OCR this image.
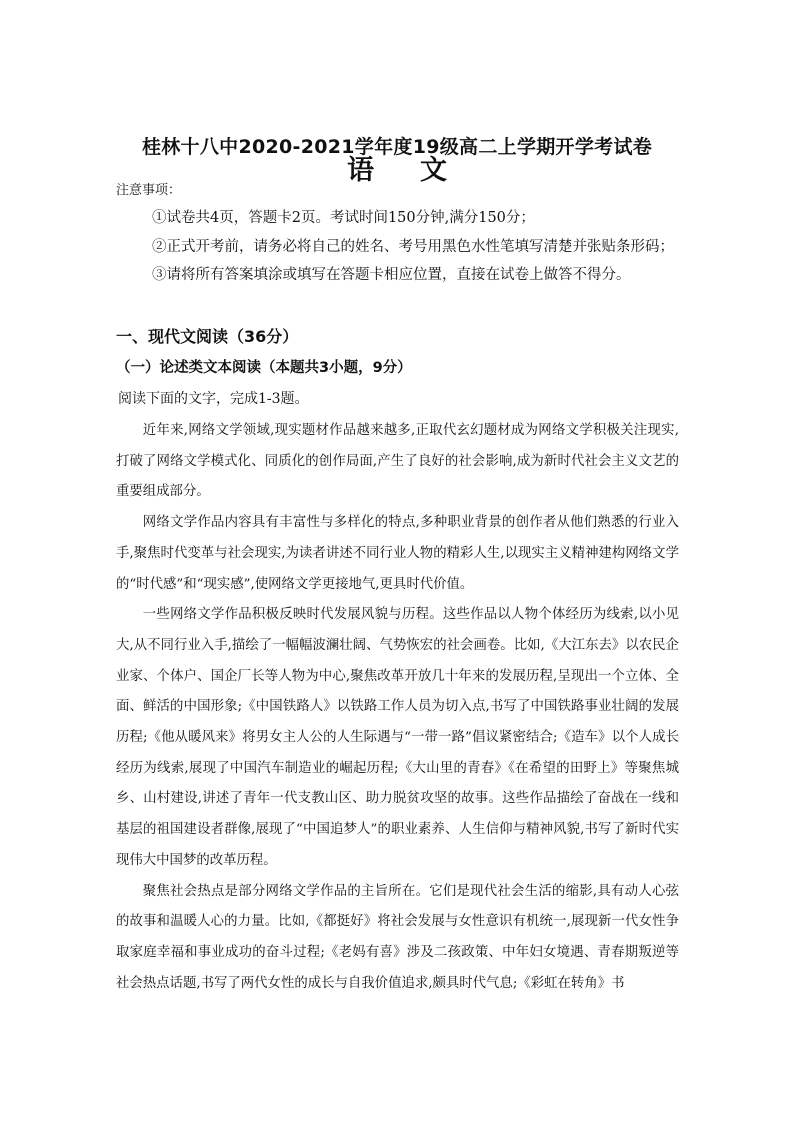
桂林十八中2020-2021学年度19级高二上学期开学考试卷
语文
注意事项：
①试卷共4页，答题卡2页。考试时间150分钟,满分150分；
②正式开考前，请务必将自己的姓名、考号用黑色水性笔填写清楚并张贴条形码；
③请将所有答案填涂或填写在答题卡相应位置，直接在试卷上做答不得分。
一、现代文阅读（36分）
（一）论述类文本阅读（本题共3小题，9分）
阅读下面的文字，完成1-3题。

近年来,网络文学领域,现实题材作品越来越多,正取代玄幻题材成为网络文学积极关注现实,打破了网络文学模式化、同质化的创作局面,产生了良好的社会影响,成为新时代社会主义文艺的重要组成部分。

网络文学作品内容具有丰富性与多样化的特点,多种职业背景的创作者从他们熟悉的行业入手,聚焦时代变革与社会现实,为读者讲述不同行业人物的精彩人生,以现实主义精神建构网络文学的“时代感”和“现实感”,使网络文学更接地气,更具时代价值。

一些网络文学作品积极反映时代发展风貌与历程。这些作品以人物个体经历为线索,以小见大,从不同行业入手,描绘了一幅幅波澜壮阔、气势恢宏的社会画卷。比如,《大江东去》以农民企业家、个体户、国企厂长等人物为中心,聚焦改革开放几十年来的发展历程,呈现出一个立体、全面、鲜活的中国形象;《中国铁路人》以铁路工作人员为切入点,书写了中国铁路事业壮阔的发展历程;《他从暖风来》将男女主人公的人生际遇与“一带一路”倡议紧密结合;《造车》以个人成长经历为线索,展现了中国汽车制造业的崛起历程;《大山里的青春》《在希望的田野上》等聚焦城乡、山村建设,讲述了青年一代支教山区、助力脱贫攻坚的故事。这些作品描绘了奋战在一线和基层的祖国建设者群像,展现了“中国追梦人”的职业素养、人生信仰与精神风貌,书写了新时代实现伟大中国梦的改革历程。

聚焦社会热点是部分网络文学作品的主旨所在。它们是现代社会生活的缩影,具有动人心弦的故事和温暖人心的力量。比如,《都挺好》将社会发展与女性意识有机统一,展现新一代女性争取家庭幸福和事业成功的奋斗过程;《老妈有喜》涉及二孩政策、中年妇女境遇、青春期叛逆等社会热点话题,书写了两代女性的成长与自我价值追求,颇具时代气息;《彩虹在转角》书
